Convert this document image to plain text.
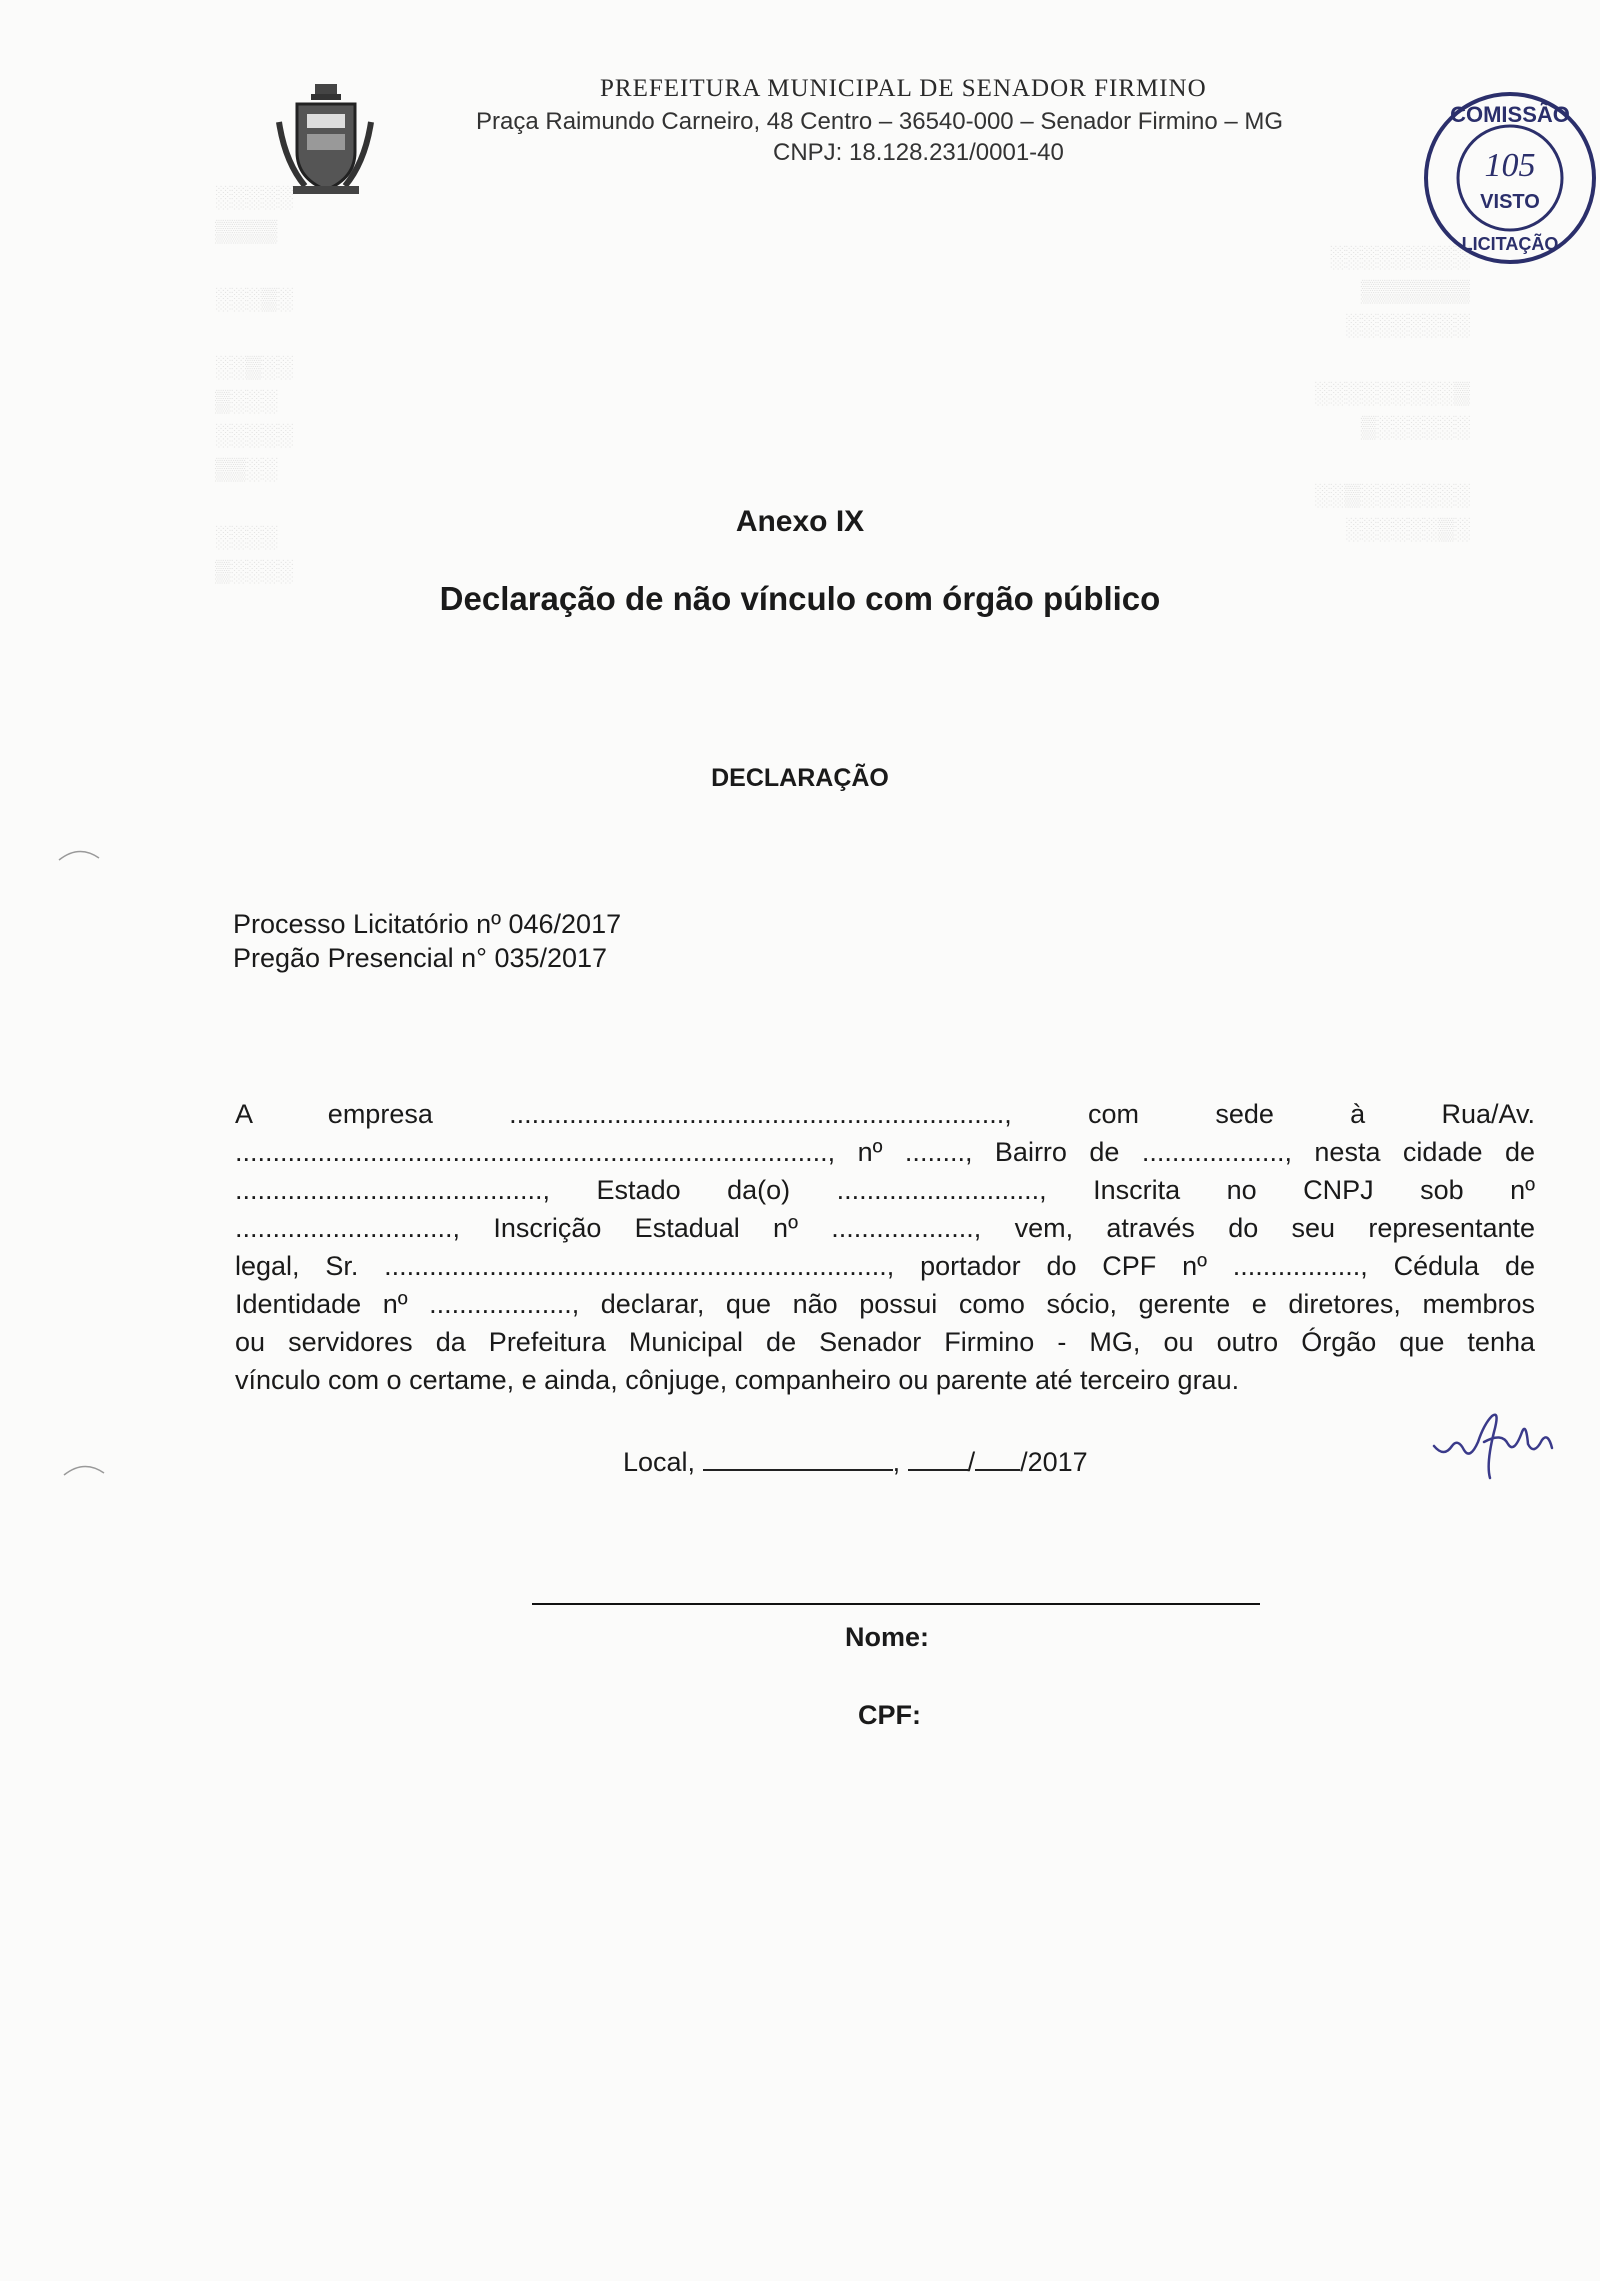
░░░░░
▒▒▒▒

░░░▒░

░░▒░░
▒░░░
░░░░░
▒▒░░

░░░░
▒░░░░
░░░░░░░░░
▒▒▒▒▒▒▒
░░░░░░░░

░░░░░░░░░▒
▒░░░░░░

░░▒░░░░░░░
░░░░░░▒░
PREFEITURA MUNICIPAL DE SENADOR FIRMINO
Praça Raimundo Carneiro, 48 Centro – 36540-000 – Senador Firmino – MG
CNPJ: 18.128.231/0001-40
COMISSÃO
105
VISTO
LICITAÇÃO
Anexo IX
Declaração de não vínculo com órgão público
DECLARAÇÃO
Processo Licitatório nº 046/2017
Pregão Presencial n° 035/2017
A empresa .................................................................., com sede à Rua/Av.
..............................................................................., nº ........, Bairro de ..................., nesta cidade de
........................................., Estado da(o) ..........................., Inscrita no CNPJ sob nº
............................., Inscrição Estadual nº ..................., vem, através do seu representante
legal, Sr. ..................................................................., portador do CPF nº ................., Cédula de
Identidade nº ..................., declarar, que não possui como sócio, gerente e diretores, membros
ou servidores da Prefeitura Municipal de Senador Firmino - MG, ou outro Órgão que tenha
vínculo com o certame, e ainda, cônjuge, companheiro ou parente até terceiro grau.
Local,	,	/ /2017
Nome:
CPF:
